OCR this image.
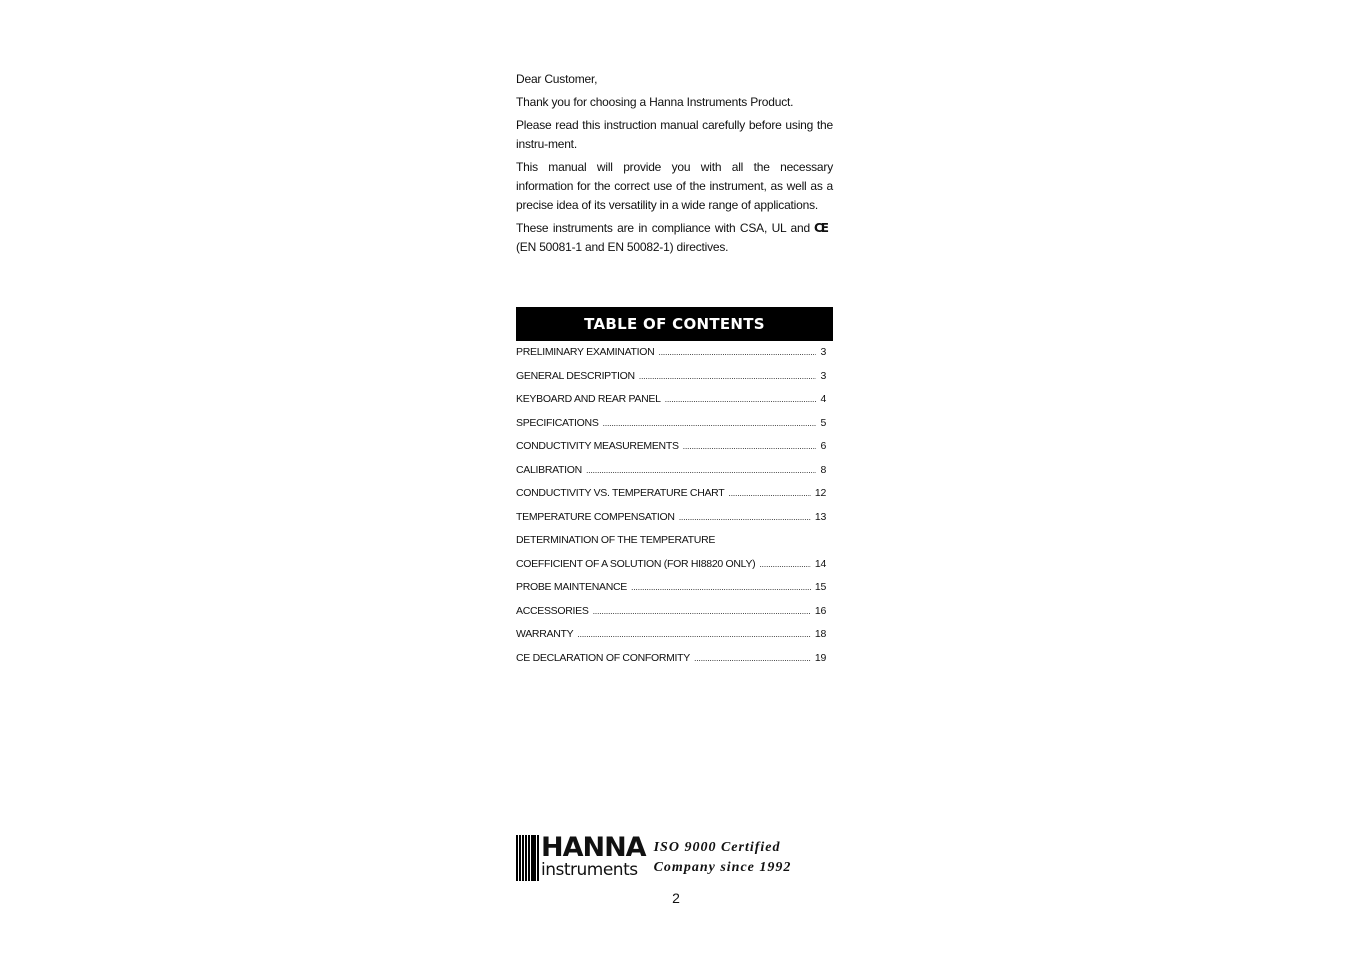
Dear Customer,

Thank you for choosing a Hanna Instruments Product.

Please read this instruction manual carefully before using the instru-ment.

This manual will provide you with all the necessary information for the correct use of the instrument, as well as a precise idea of its versatility in a wide range of applications.

These instruments are in compliance with CSA, UL and CE(EN 50081-1 and EN 50082-1) directives.

TABLE OF CONTENTS
PRELIMINARY EXAMINATION .....	3
GENERAL DESCRIPTION .....	3
KEYBOARD AND REAR PANEL .....	4
SPECIFICATIONS .....	5
CONDUCTIVITY MEASUREMENTS .....	6
CALIBRATION .....	8
CONDUCTIVITY VS. TEMPERATURE CHART .....	12
TEMPERATURE COMPENSATION .....	13
DETERMINATION OF THE TEMPERATURE
COEFFICIENT OF A SOLUTION (FOR HI8820 ONLY) .....	14
PROBE MAINTENANCE .....	15
ACCESSORIES .....	16
WARRANTY .....	18
CE DECLARATION OF CONFORMITY .....	19
HANNA
instruments
ISO 9000 Certified
Company since 1992
2
